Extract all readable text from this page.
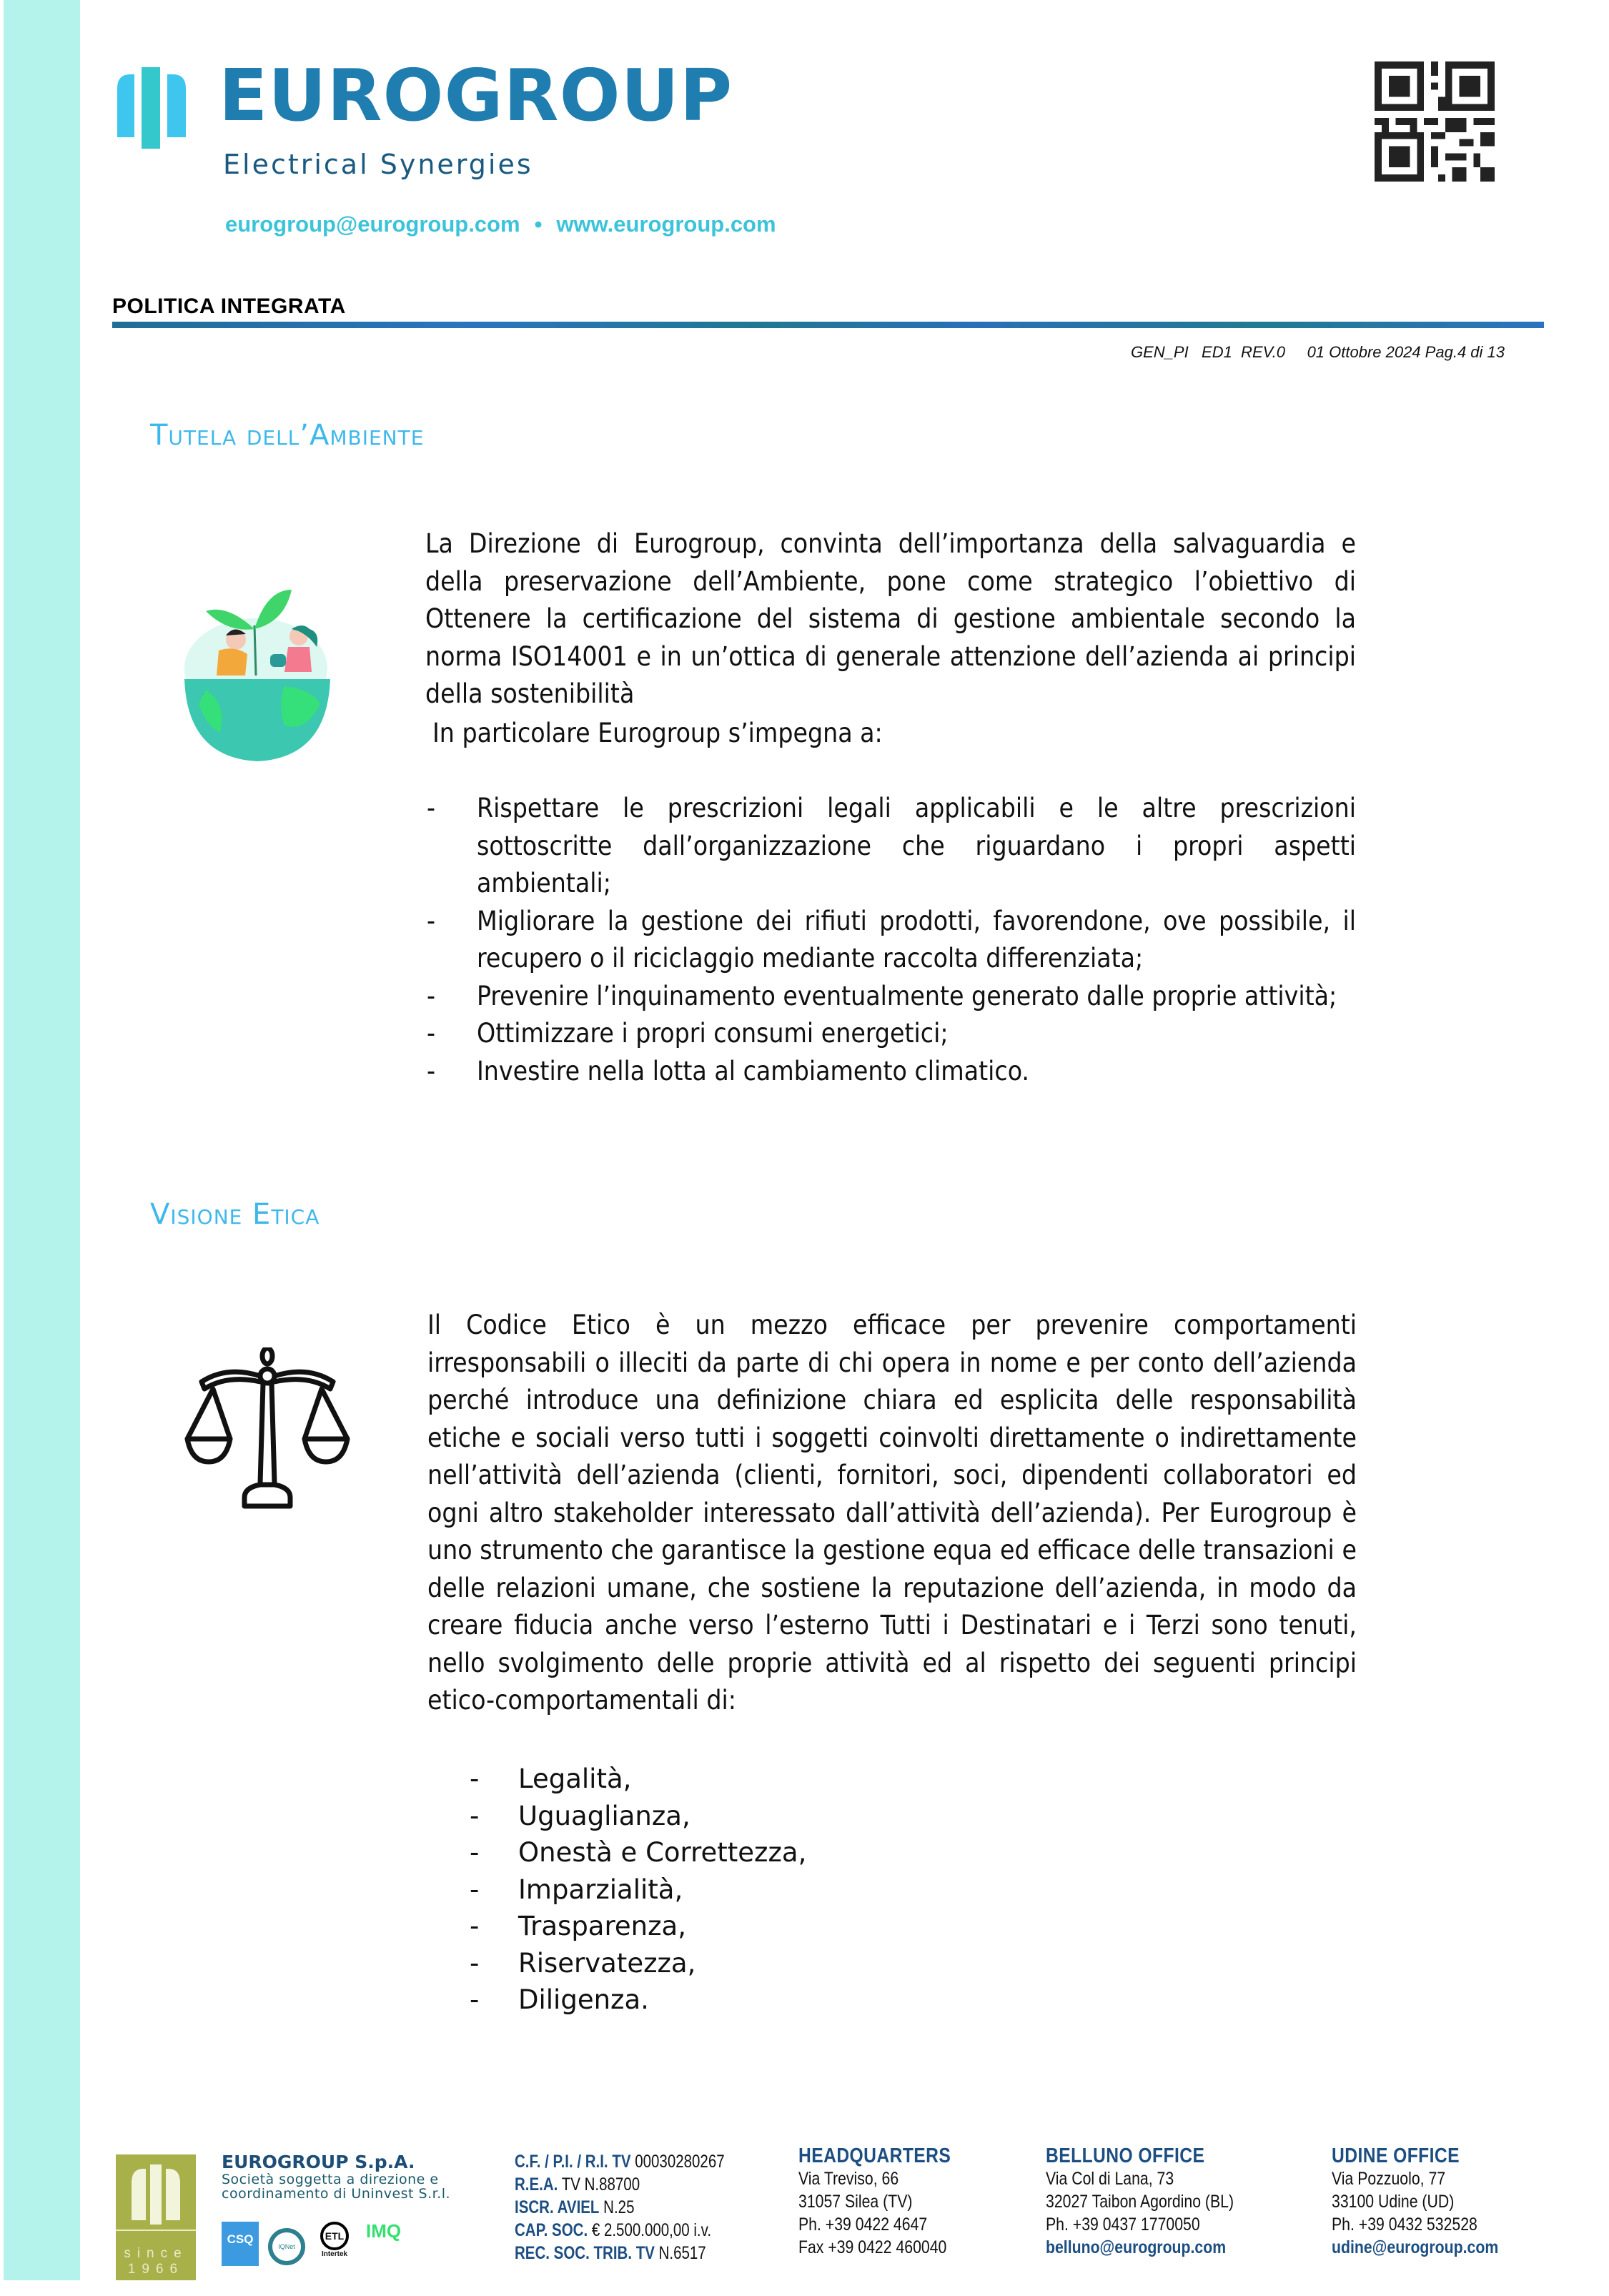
EUROGROUP
Electrical Synergies
eurogroup@eurogroup.com • www.eurogroup.com
POLITICA INTEGRATA
GEN_PI   ED1  REV.0     01 Ottobre 2024 Pag.4 di 13
Tutela dell’Ambiente
La Direzione di Eurogroup, convinta dell’importanza della salvaguardia e della preservazione dell’Ambiente, pone come strategico l’obiettivo di Ottenere la certificazione del sistema di gestione ambientale secondo la norma ISO14001 e in un’ottica di generale attenzione dell’azienda ai principi della sostenibilità
In particolare Eurogroup s’impegna a:
- Rispettare le prescrizioni legali applicabili e le altre prescrizioni sottoscritte dall’organizzazione che riguardano i propri aspetti ambientali;
- Migliorare la gestione dei rifiuti prodotti, favorendone, ove possibile, il recupero o il riciclaggio mediante raccolta differenziata;
- Prevenire l’inquinamento eventualmente generato dalle proprie attività;
- Ottimizzare i propri consumi energetici;
- Investire nella lotta al cambiamento climatico.
Visione Etica
Il Codice Etico è un mezzo efficace per prevenire comportamenti irresponsabili o illeciti da parte di chi opera in nome e per conto dell’azienda perché introduce una definizione chiara ed esplicita delle responsabilità etiche e sociali verso tutti i soggetti coinvolti direttamente o indirettamente nell’attività dell’azienda (clienti, fornitori, soci, dipendenti collaboratori ed ogni altro stakeholder interessato dall’attività dell’azienda). Per Eurogroup è uno strumento che garantisce la gestione equa ed efficace delle transazioni e delle relazioni umane, che sostiene la reputazione dell’azienda, in modo da creare fiducia anche verso l’esterno Tutti i Destinatari e i Terzi sono tenuti, nello svolgimento delle proprie attività ed al rispetto dei seguenti principi etico-comportamentali di:
- Legalità,
- Uguaglianza,
- Onestà e Correttezza,
- Imparzialità,
- Trasparenza,
- Riservatezza,
- Diligenza.
since
1966
EUROGROUP S.p.A.
Società soggetta a direzione e
coordinamento di Uninvest S.r.l.
CSQ
IQNet
ETL
Intertek
IMQ
C.F. / P.I. / R.I. TV 00030280267
R.E.A. TV N.88700
ISCR. AVIEL N.25
CAP. SOC. € 2.500.000,00 i.v.
REC. SOC. TRIB. TV N.6517
HEADQUARTERS
Via Treviso, 66
31057 Silea (TV)
Ph. +39 0422 4647
Fax +39 0422 460040
BELLUNO OFFICE
Via Col di Lana, 73
32027 Taibon Agordino (BL)
Ph. +39 0437 1770050
belluno@eurogroup.com
UDINE OFFICE
Via Pozzuolo, 77
33100 Udine (UD)
Ph. +39 0432 532528
udine@eurogroup.com
